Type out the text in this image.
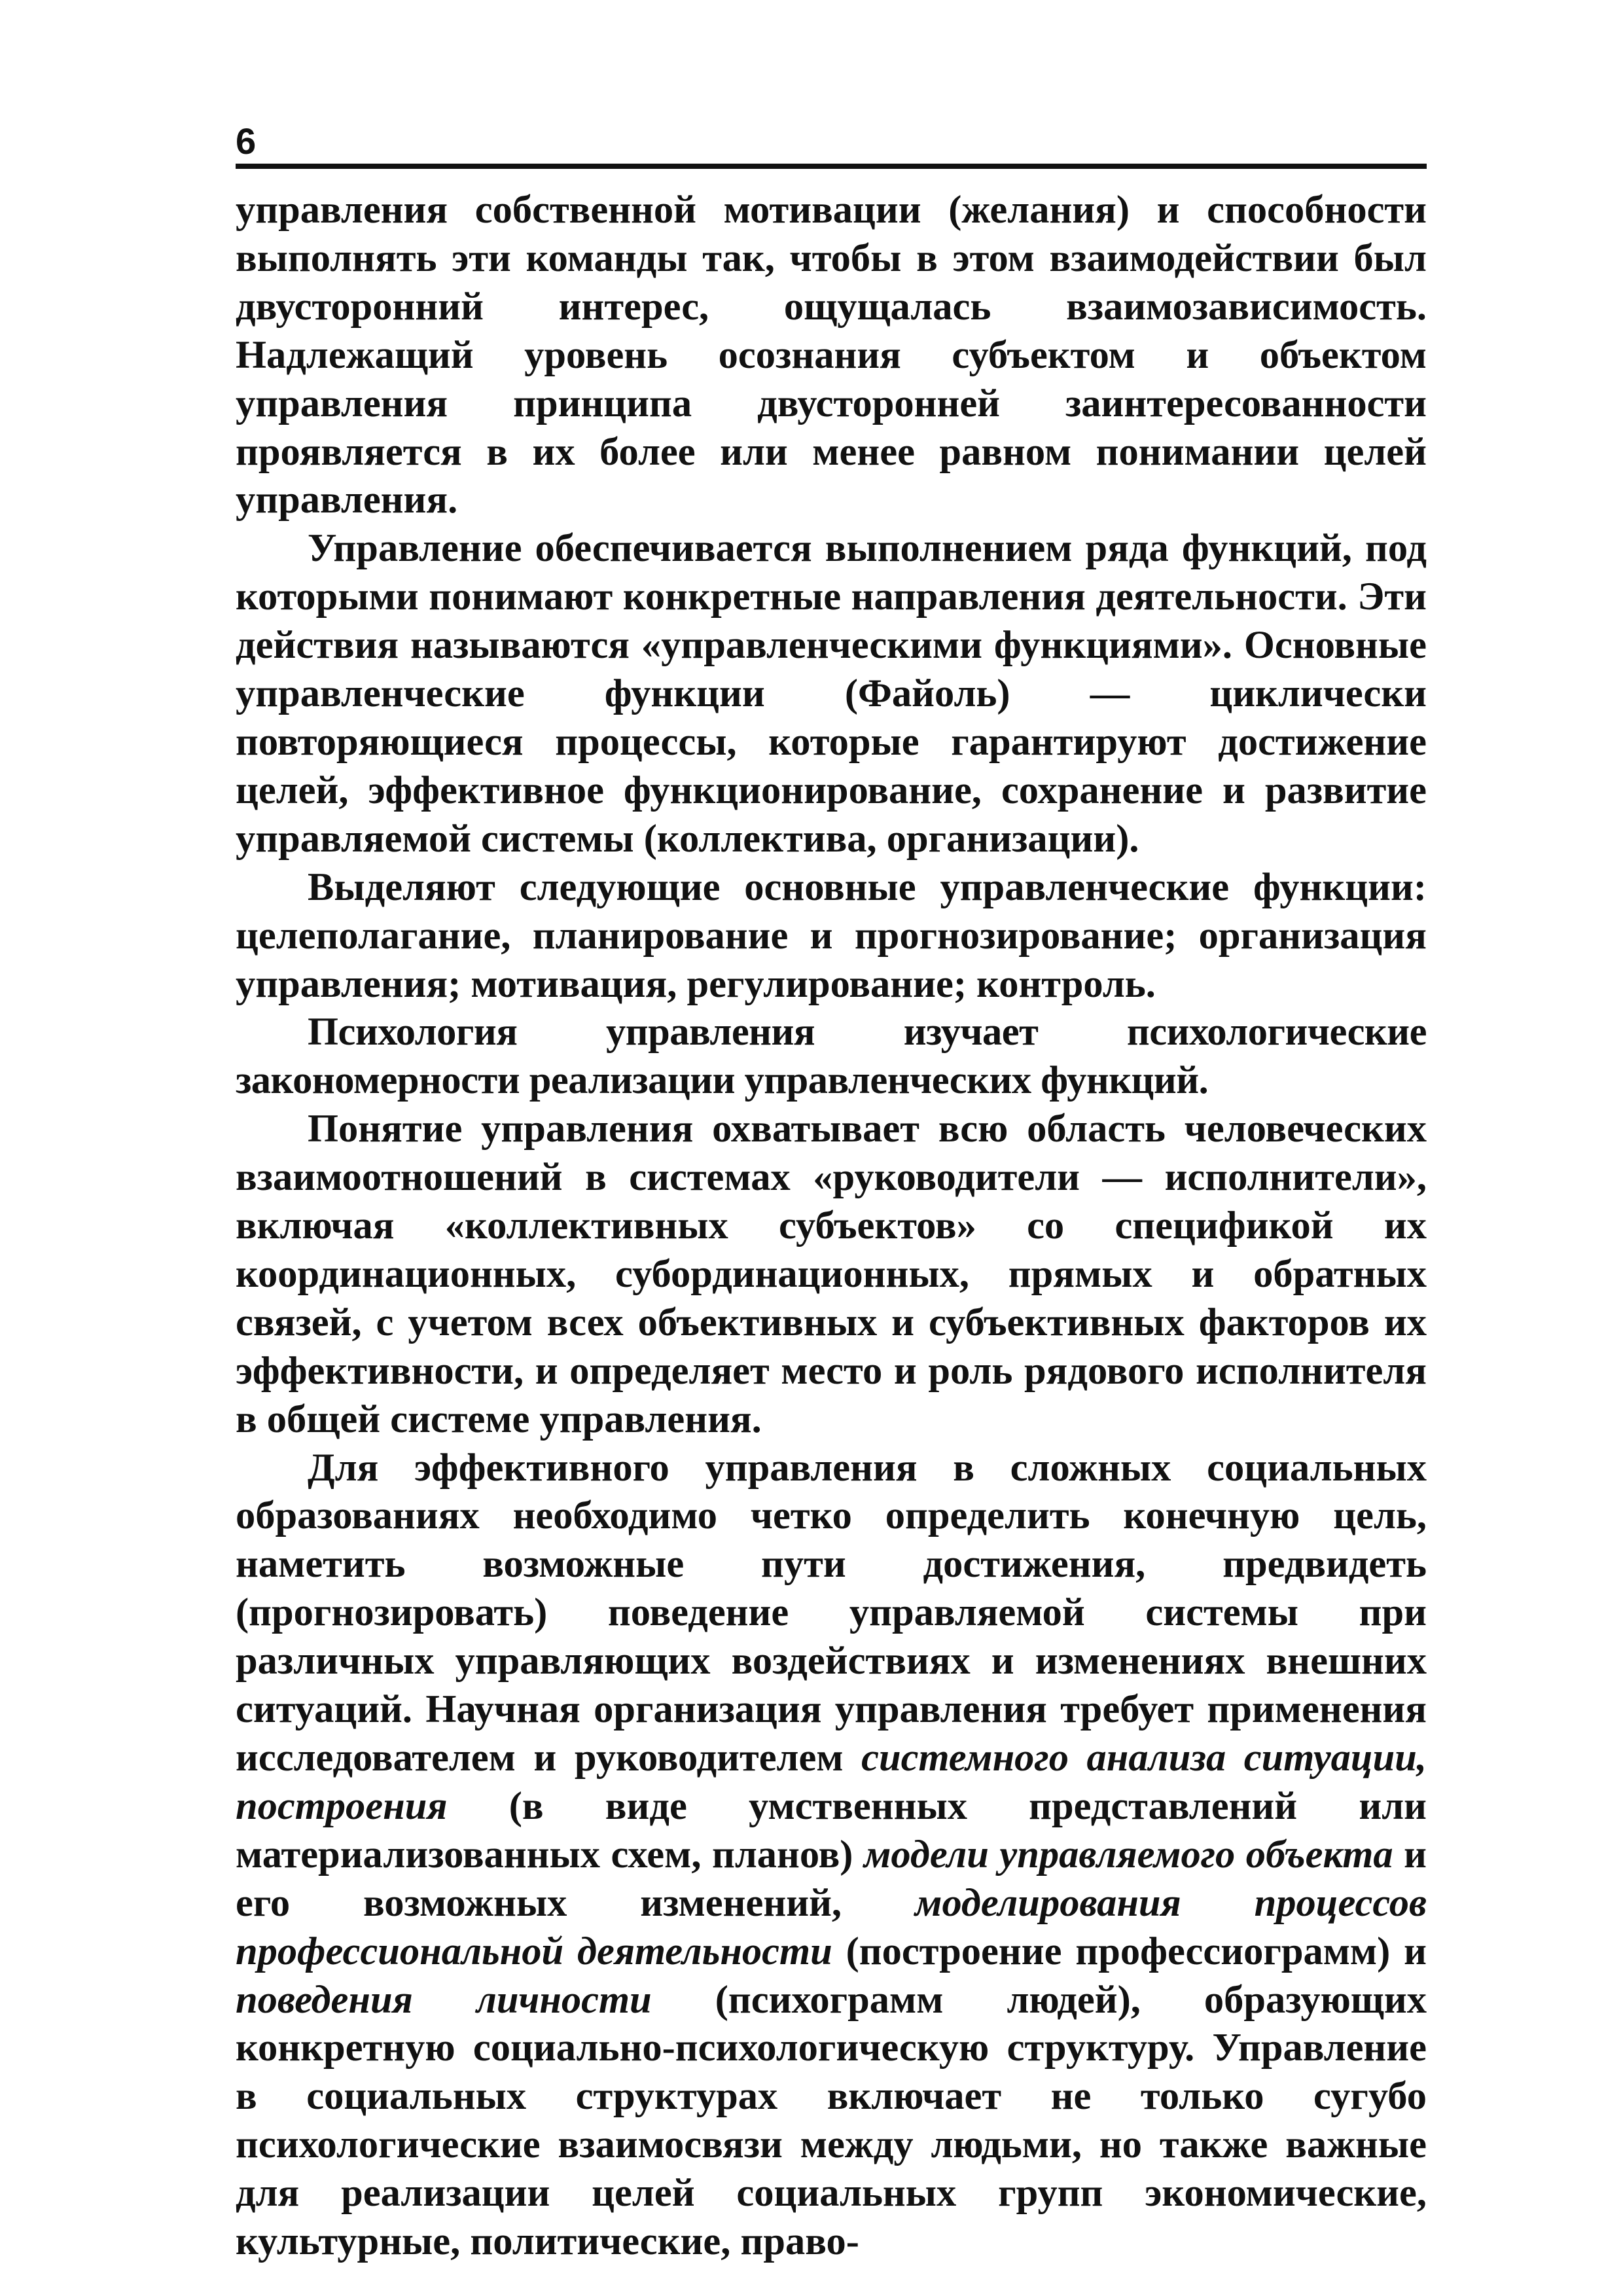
6

управления собственной мотивации (желания) и способности выполнять эти команды так, чтобы в этом взаимодействии был двусторонний интерес, ощущалась взаимозависимость. Надлежащий уровень осознания субъектом и объектом управления принципа двусторонней заинтересованности проявляется в их более или менее равном понимании целей управления.

Управление обеспечивается выполнением ряда функций, под которыми понимают конкретные направления деятельности. Эти действия называются «управленческими функциями». Основные управленческие функции (Файоль) — циклически повторяющиеся процессы, которые гарантируют достижение целей, эффективное функционирование, сохранение и развитие управляемой системы (коллектива, организации).

Выделяют следующие основные управленческие функции: целеполагание, планирование и прогнозирование; организация управления; мотивация, регулирование; контроль.

Психология управления изучает психологические закономерности реализации управленческих функций.

Понятие управления охватывает всю область человеческих взаимоотношений в системах «руководители — исполнители», включая «коллективных субъектов» со спецификой их координационных, субординационных, прямых и обратных связей, с учетом всех объективных и субъективных факторов их эффективности, и определяет место и роль рядового исполнителя в общей системе управления.

Для эффективного управления в сложных социальных образованиях необходимо четко определить конечную цель, наметить возможные пути достижения, предвидеть (прогнозировать) поведение управляемой системы при различных управляющих воздействиях и изменениях внешних ситуаций. Научная организация управления требует применения исследователем и руководителем системного анализа ситуации, построения (в виде умственных представлений или материализованных схем, планов) модели управляемого объекта и его возможных изменений, моделирования процессов профессиональной деятельности (построение профессиограмм) и поведения личности (психограмм людей), образующих конкретную социально-психологическую структуру. Управление в социальных структурах включает не только сугубо психологические взаимосвязи между людьми, но также важные для реализации целей социальных групп экономические, культурные, политические, право-
